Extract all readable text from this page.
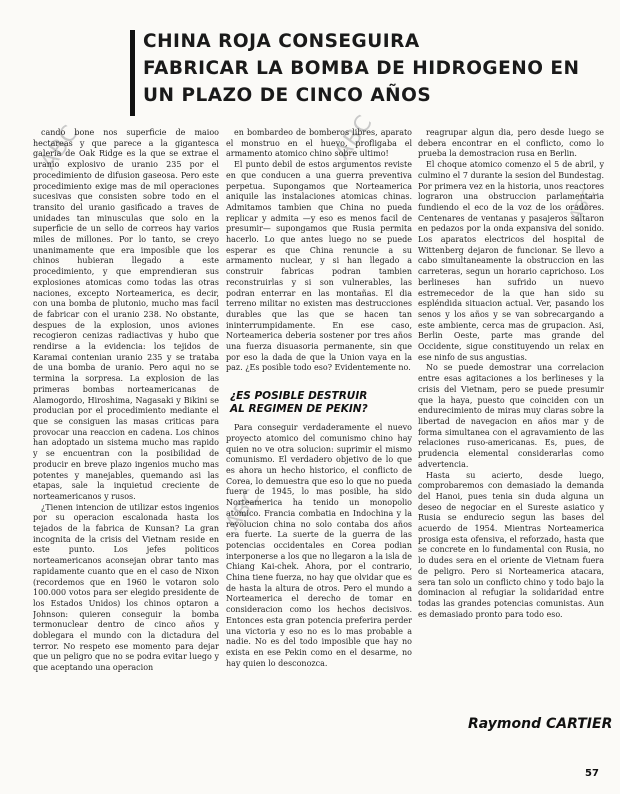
ABC	ABC
ABC
ABC
CHINA ROJA CONSEGUIRA
FABRICAR LA BOMBA DE HIDROGENO EN
UN PLAZO DE CINCO AÑOS

cando bone nos superficie de maioo hectareas y que parece a la gigantesca galeria de Oak Ridge es la que se extrae el uranio explosivo de uranio 235 por el procedimiento de difusion gaseosa. Pero este procedimiento exige mas de mil operaciones sucesivas que consisten sobre todo en el transito del uranio gasificado a traves de unidades tan minusculas que solo en la superficie de un sello de correos hay varios miles de millones. Por lo tanto, se creyo unanimamente que era imposible que los chinos hubieran llegado a este procedimiento, y que emprendieran sus explosiones atomicas como todas las otras naciones, excepto Norteamerica, es decir, con una bomba de plutonio, mucho mas facil de fabricar con el uranio 238. No obstante, despues de la explosion, unos aviones recogieron cenizas radiactivas y hubo que rendirse a la evidencia: los tejidos de Karamai contenian uranio 235 y se trataba de una bomba de uranio. Pero aqui no se termina la sorpresa. La explosion de las primeras bombas norteamericanas de Alamogordo, Hiroshima, Nagasaki y Bikini se producian por el procedimiento mediante el que se consiguen las masas criticas para provocar una reaccion en cadena. Los chinos han adoptado un sistema mucho mas rapido y se encuentran con la posibilidad de producir en breve plazo ingenios mucho mas potentes y manejables, quemando asi las etapas, sale la inquietud creciente de norteamericanos y rusos.

¿Tienen intencion de utilizar estos ingenios por su operacion escalonada hasta los tejados de la fabrica de Kunsan? La gran incognita de la crisis del Vietnam reside en este punto. Los jefes politicos norteamericanos aconsejan obrar tanto mas rapidamente cuanto que en el caso de Nixon (recordemos que en 1960 le votaron solo 100.000 votos para ser elegido presidente de los Estados Unidos) los chinos optaron a Johnson: quieren conseguir la bomba termonuclear dentro de cinco años y doblegara el mundo con la dictadura del terror. No respeto ese momento para dejar que un peligro que no se podra evitar luego y que aceptando una operacion

en bombardeo de bomberos libres, aparato el monstruo en el huevo, profligaba el armamento atomico chino sobre ultimo!

El punto debil de estos argumentos reviste en que conducen a una guerra preventiva perpetua. Supongamos que Norteamerica aniquile las instalaciones atomicas chinas. Admitamos tambien que China no pueda replicar y admita —y eso es menos facil de presumir— supongamos que Rusia permita hacerlo. Lo que antes luego no se puede esperar es que China renuncie a su armamento nuclear, y si han llegado a construir fabricas podran tambien reconstruirlas y si son vulnerables, las podran enterrar en las montañas. El dia terreno militar no existen mas destrucciones durables que las que se hacen tan ininterrumpidamente. En ese caso, Norteamerica deberia sostener por tres años una fuerza disuasoria permanente, sin que por eso la dada de que la Union vaya en la paz. ¿Es posible todo eso? Evidentemente no.

¿ES POSIBLE DESTRUIR
AL REGIMEN DE PEKIN?

Para conseguir verdaderamente el nuevo proyecto atomico del comunismo chino hay quien no ve otra solucion: suprimir el mismo comunismo. El verdadero objetivo de lo que es ahora un hecho historico, el conflicto de Corea, lo demuestra que eso lo que no pueda fuera de 1945, lo mas posible, ha sido Norteamerica ha tenido un monopolio atomico. Francia combatia en Indochina y la revolucion china no solo contaba dos años era fuerte. La suerte de la guerra de las potencias occidentales en Corea podian interponerse a los que no llegaron a la isla de Chiang Kai-chek. Ahora, por el contrario, China tiene fuerza, no hay que olvidar que es de hasta la altura de otros. Pero el mundo a Norteamerica el derecho de tomar en consideracion como los hechos decisivos. Entonces esta gran potencia preferira perder una victoria y eso no es lo mas probable a nadie. No es del todo imposible que hay no exista en ese Pekin como en el desarme, no hay quien lo desconozca.

reagrupar algun dia, pero desde luego se debera encontrar en el conflicto, como lo prueba la demostracion rusa en Berlin.

El choque atomico comenzo el 5 de abril, y culmino el 7 durante la sesion del Bundestag. Por primera vez en la historia, unos reactores lograron una obstruccion parlamentaria fundiendo el eco de la voz de los oradores. Centenares de ventanas y pasajeros saltaron en pedazos por la onda expansiva del sonido. Los aparatos electricos del hospital de Wittenberg dejaron de funcionar. Se llevo a cabo simultaneamente la obstruccion en las carreteras, segun un horario caprichoso. Los berlineses han sufrido un nuevo estremecedor de la que han sido su espléndida situacion actual. Ver, pasando los senos y los años y se van sobrecargando a este ambiente, cerca mas de grupacion. Asi, Berlin Oeste, parte mas grande del Occidente, sigue constituyendo un relax en ese ninfo de sus angustias.

No se puede demostrar una correlacion entre esas agitaciones a los berlineses y la crisis del Vietnam, pero se puede presumir que la haya, puesto que coinciden con un endurecimiento de miras muy claras sobre la libertad de navegacion en años mar y de forma simultanea con el agravamiento de las relaciones ruso-americanas. Es, pues, de prudencia elemental considerarlas como advertencia.

Hasta su acierto, desde luego, comprobaremos con demasiado la demanda del Hanoi, pues tenia sin duda alguna un deseo de negociar en el Sureste asiatico y Rusia se endurecio segun las bases del acuerdo de 1954. Mientras Norteamerica prosiga esta ofensiva, el reforzado, hasta que se concrete en lo fundamental con Rusia, no lo dudes sera en el oriente de Vietnam fuera de peligro. Pero si Norteamerica atacara, sera tan solo un conflicto chino y todo bajo la dominacion al refugiar la solidaridad entre todas las grandes potencias comunistas. Aun es demasiado pronto para todo eso.

Raymond CARTIER
57
